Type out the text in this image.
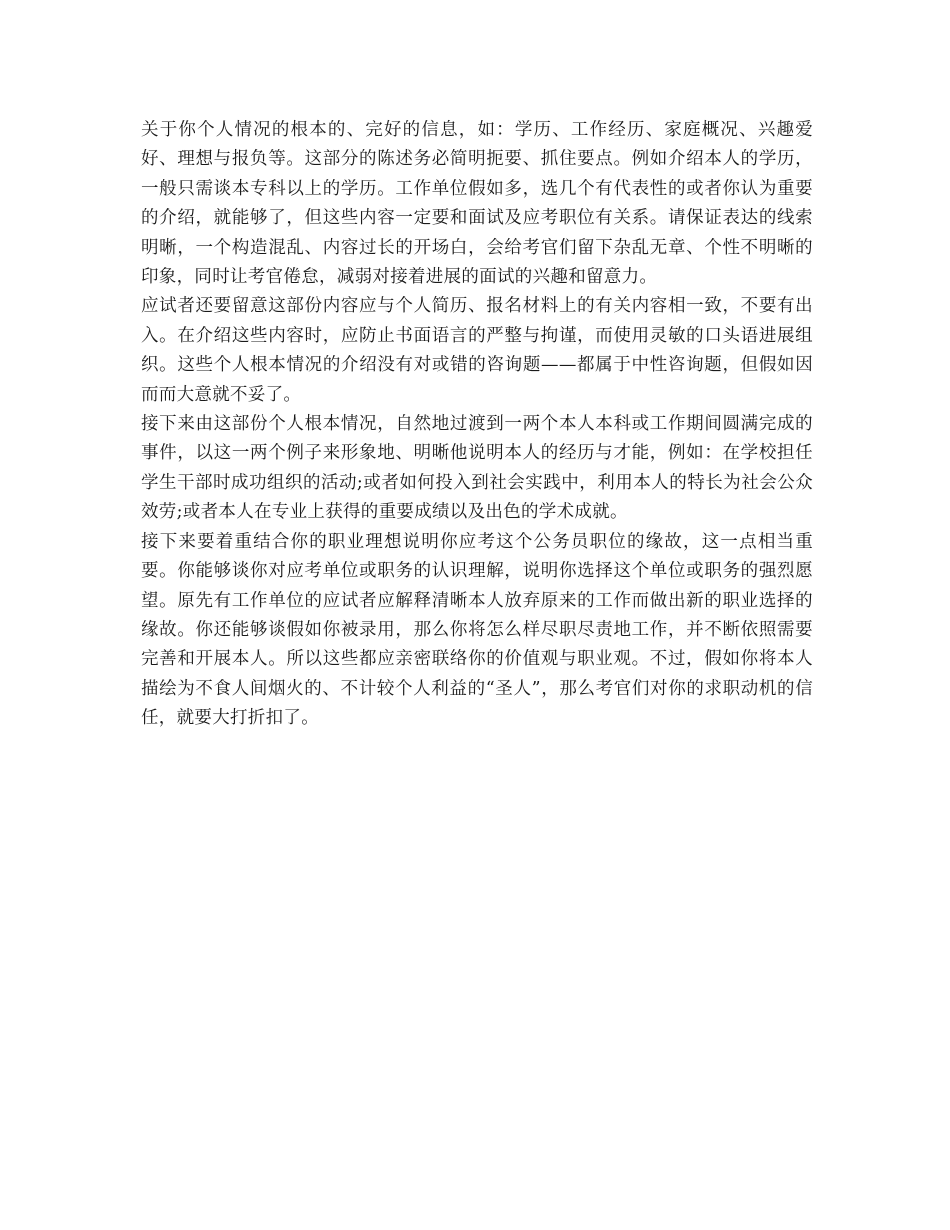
关于你个人情况的根本的、完好的信息，如：学历、工作经历、家庭概况、兴趣爱好、理想与报负等。这部分的陈述务必简明扼要、抓住要点。例如介绍本人的学历，一般只需谈本专科以上的学历。工作单位假如多，选几个有代表性的或者你认为重要的介绍，就能够了，但这些内容一定要和面试及应考职位有关系。请保证表达的线索明晰，一个构造混乱、内容过长的开场白，会给考官们留下杂乱无章、个性不明晰的印象，同时让考官倦怠，减弱对接着进展的面试的兴趣和留意力。

应试者还要留意这部份内容应与个人简历、报名材料上的有关内容相一致，不要有出入。在介绍这些内容时，应防止书面语言的严整与拘谨，而使用灵敏的口头语进展组织。这些个人根本情况的介绍没有对或错的咨询题——都属于中性咨询题，但假如因而而大意就不妥了。

接下来由这部份个人根本情况，自然地过渡到一两个本人本科或工作期间圆满完成的事件，以这一两个例子来形象地、明晰他说明本人的经历与才能，例如：在学校担任学生干部时成功组织的活动;或者如何投入到社会实践中，利用本人的特长为社会公众效劳;或者本人在专业上获得的重要成绩以及出色的学术成就。

接下来要着重结合你的职业理想说明你应考这个公务员职位的缘故，这一点相当重要。你能够谈你对应考单位或职务的认识理解，说明你选择这个单位或职务的强烈愿望。原先有工作单位的应试者应解释清晰本人放弃原来的工作而做出新的职业选择的缘故。你还能够谈假如你被录用，那么你将怎么样尽职尽责地工作，并不断依照需要完善和开展本人。所以这些都应亲密联络你的价值观与职业观。不过，假如你将本人描绘为不食人间烟火的、不计较个人利益的“圣人”，那么考官们对你的求职动机的信任，就要大打折扣了。
